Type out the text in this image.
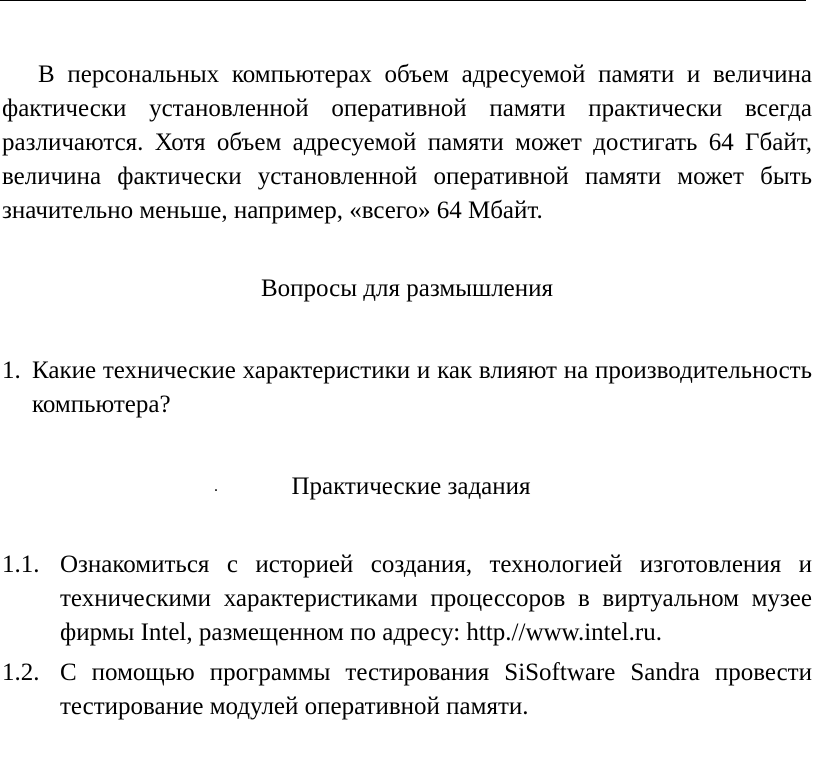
В персональных компьютерах объем адресуемой памяти и величина фактически установленной оперативной памяти практически всегда различаются. Хотя объем адресуемой памяти может достигать 64 Гбайт, величина фактически установленной оперативной памяти может быть значительно меньше, например, «всего» 64 Мбайт.

Вопросы для размышления

1. Какие технические характеристики и как влияют на производительность компьютера?

.	Практические задания

1.1. Ознакомиться с историей создания, технологией изготовления и техническими характеристиками процессоров в виртуальном музее фирмы Intel, размещенном по адресу: http.//www.intel.ru.
1.2. С помощью программы тестирования SiSoftware Sandra провести тестирование модулей оперативной памяти.
